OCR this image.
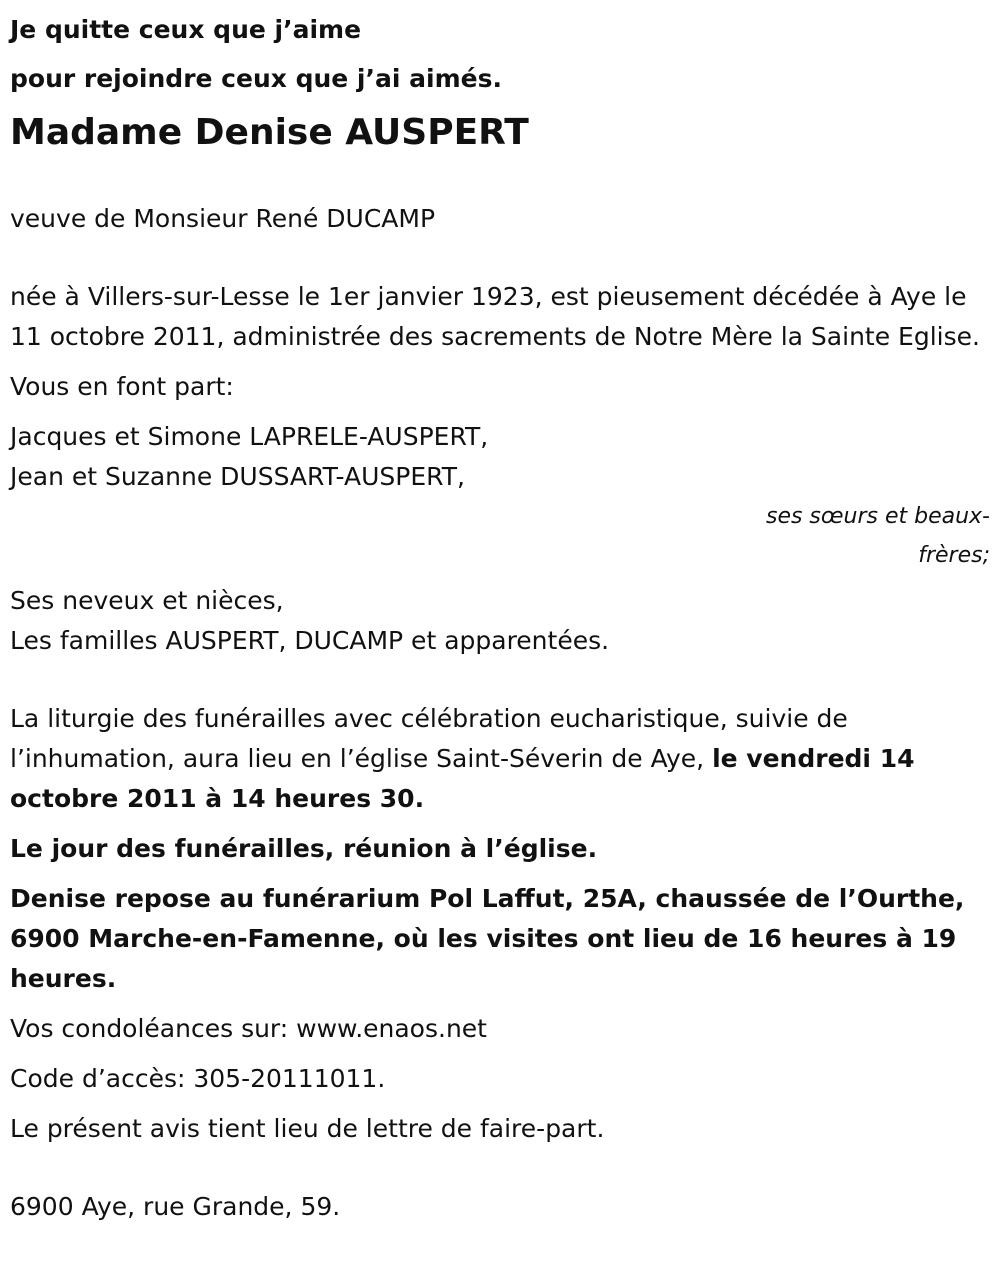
Je quitte ceux que j’aime

pour rejoindre ceux que j’ai aimés.

Madame Denise AUSPERT

veuve de Monsieur René DUCAMP

née à Villers-sur-Lesse le 1er janvier 1923, est pieusement décédée à Aye le 11 octobre 2011, administrée des sacrements de Notre Mère la Sainte Eglise.

Vous en font part:

Jacques et Simone LAPRELE-AUSPERT,

Jean et Suzanne DUSSART-AUSPERT,

ses sœurs et beaux-
frères;

Ses neveux et nièces,

Les familles AUSPERT, DUCAMP et apparentées.

La liturgie des funérailles avec célébration eucharistique, suivie de l’inhumation, aura lieu en l’église Saint-Séverin de Aye, le vendredi 14 octobre 2011 à 14 heures 30.

Le jour des funérailles, réunion à l’église.

Denise repose au funérarium Pol Laffut, 25A, chaussée de l’Ourthe, 6900 Marche-en-Famenne, où les visites ont lieu de 16 heures à 19 heures.

Vos condoléances sur: www.enaos.net

Code d’accès: 305-20111011.

Le présent avis tient lieu de lettre de faire-part.

6900 Aye, rue Grande, 59.
